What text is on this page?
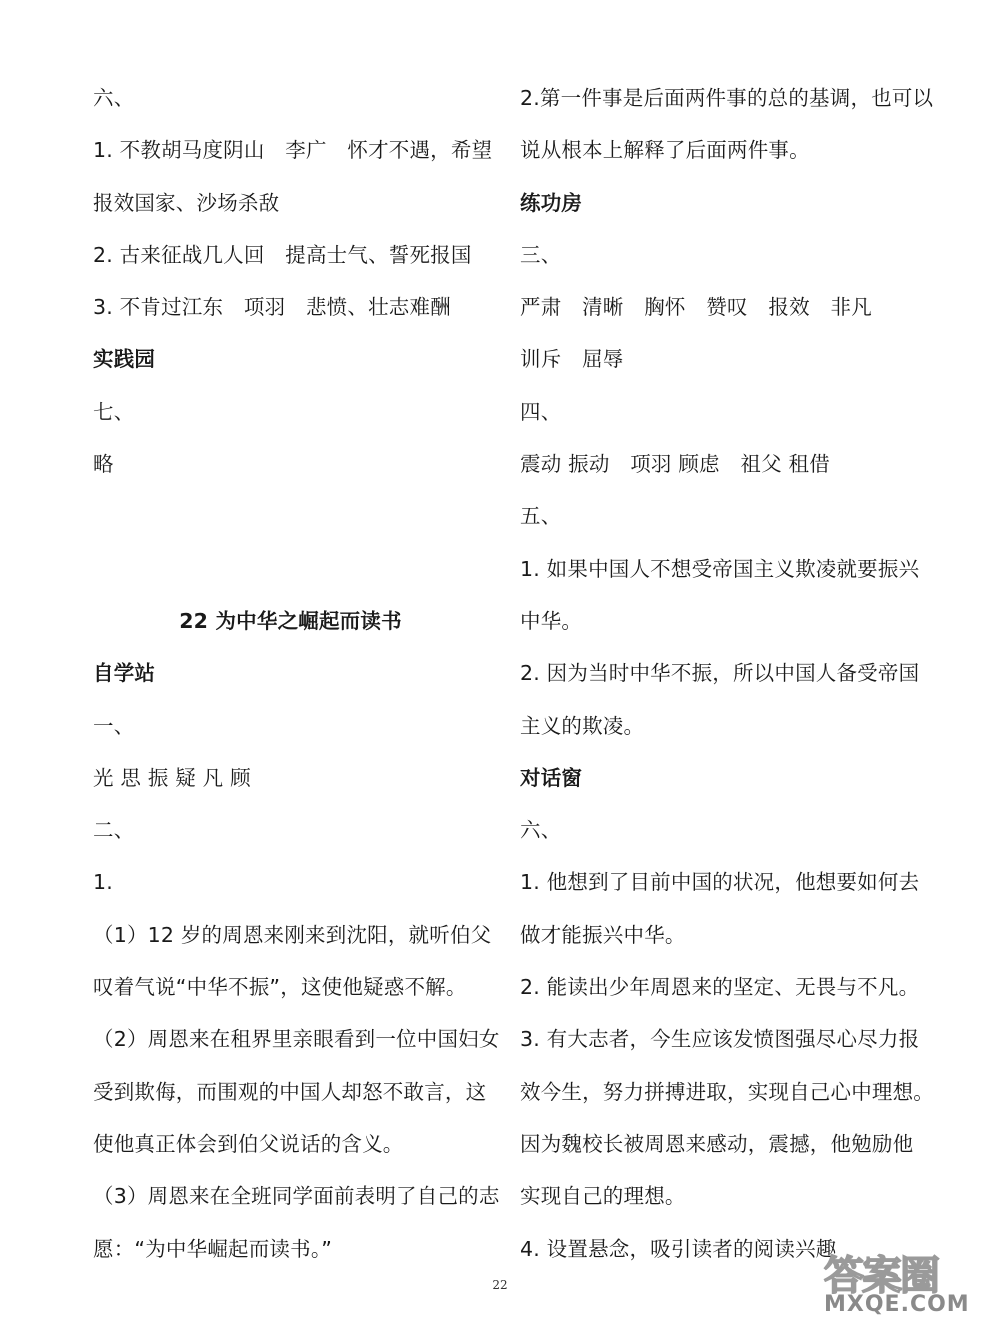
六、
1. 不教胡马度阴山　李广　怀才不遇，希望
报效国家、沙场杀敌
2. 古来征战几人回　提高士气、誓死报国
3. 不肯过江东　项羽　悲愤、壮志难酬
实践园
七、
略
22 为中华之崛起而读书
自学站
一、
光 思 振 疑 凡 顾
二、
1.
（1）12 岁的周恩来刚来到沈阳，就听伯父
叹着气说“中华不振”，这使他疑惑不解。
（2）周恩来在租界里亲眼看到一位中国妇女
受到欺侮，而围观的中国人却怒不敢言，这
使他真正体会到伯父说话的含义。
（3）周恩来在全班同学面前表明了自己的志
愿：“为中华崛起而读书。”
2.第一件事是后面两件事的总的基调，也可以
说从根本上解释了后面两件事。
练功房
三、
严肃　清晰　胸怀　赞叹　报效　非凡
训斥　屈辱
四、
震动 振动　项羽 顾虑　祖父 租借
五、
1. 如果中国人不想受帝国主义欺凌就要振兴
中华。
2. 因为当时中华不振，所以中国人备受帝国
主义的欺凌。
对话窗
六、
1. 他想到了目前中国的状况，他想要如何去
做才能振兴中华。
2. 能读出少年周恩来的坚定、无畏与不凡。
3. 有大志者，今生应该发愤图强尽心尽力报
效今生，努力拼搏进取，实现自己心中理想。
因为魏校长被周恩来感动，震撼，他勉励他
实现自己的理想。
4. 设置悬念，吸引读者的阅读兴趣
22	答案圈
MXQE.COM
